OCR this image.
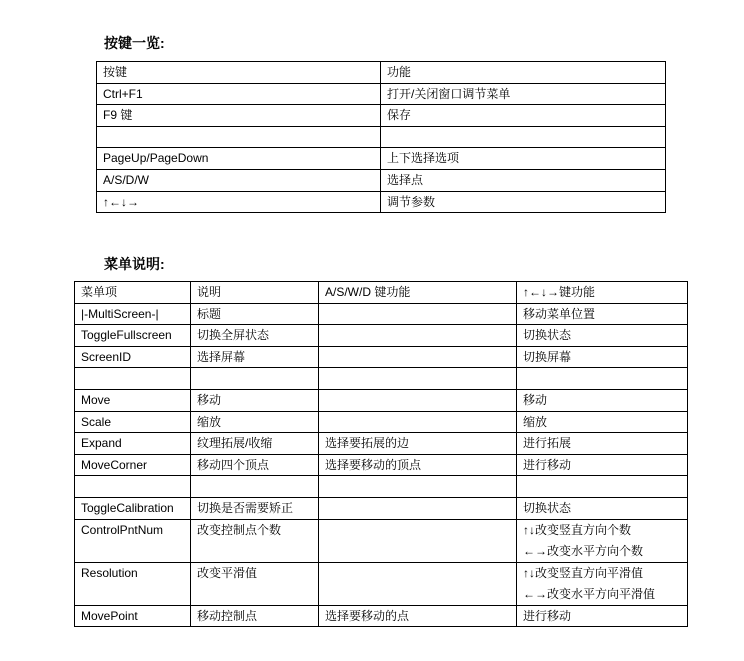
按键一览:
按键	功能
Ctrl+F1	打开/关闭窗口调节菜单
F9 键	保存

PageUp/PageDown	上下选择选项
A/S/D/W	选择点
↑←↓→	调节参数
菜单说明:
菜单项	说明	A/S/W/D 键功能	↑←↓→键功能
|-MultiScreen-|	标题		移动菜单位置
ToggleFullscreen	切换全屏状态		切换状态
ScreenID	选择屏幕		切换屏幕

Move	移动		移动
Scale	缩放		缩放
Expand	纹理拓展/收缩	选择要拓展的边	进行拓展
MoveCorner	移动四个顶点	选择要移动的顶点	进行移动

ToggleCalibration	切换是否需要矫正		切换状态
ControlPntNum	改变控制点个数		↑↓改变竖直方向个数
←→改变水平方向个数

Resolution	改变平滑值		↑↓改变竖直方向平滑值
←→改变水平方向平滑值

MovePoint	移动控制点	选择要移动的点	进行移动
